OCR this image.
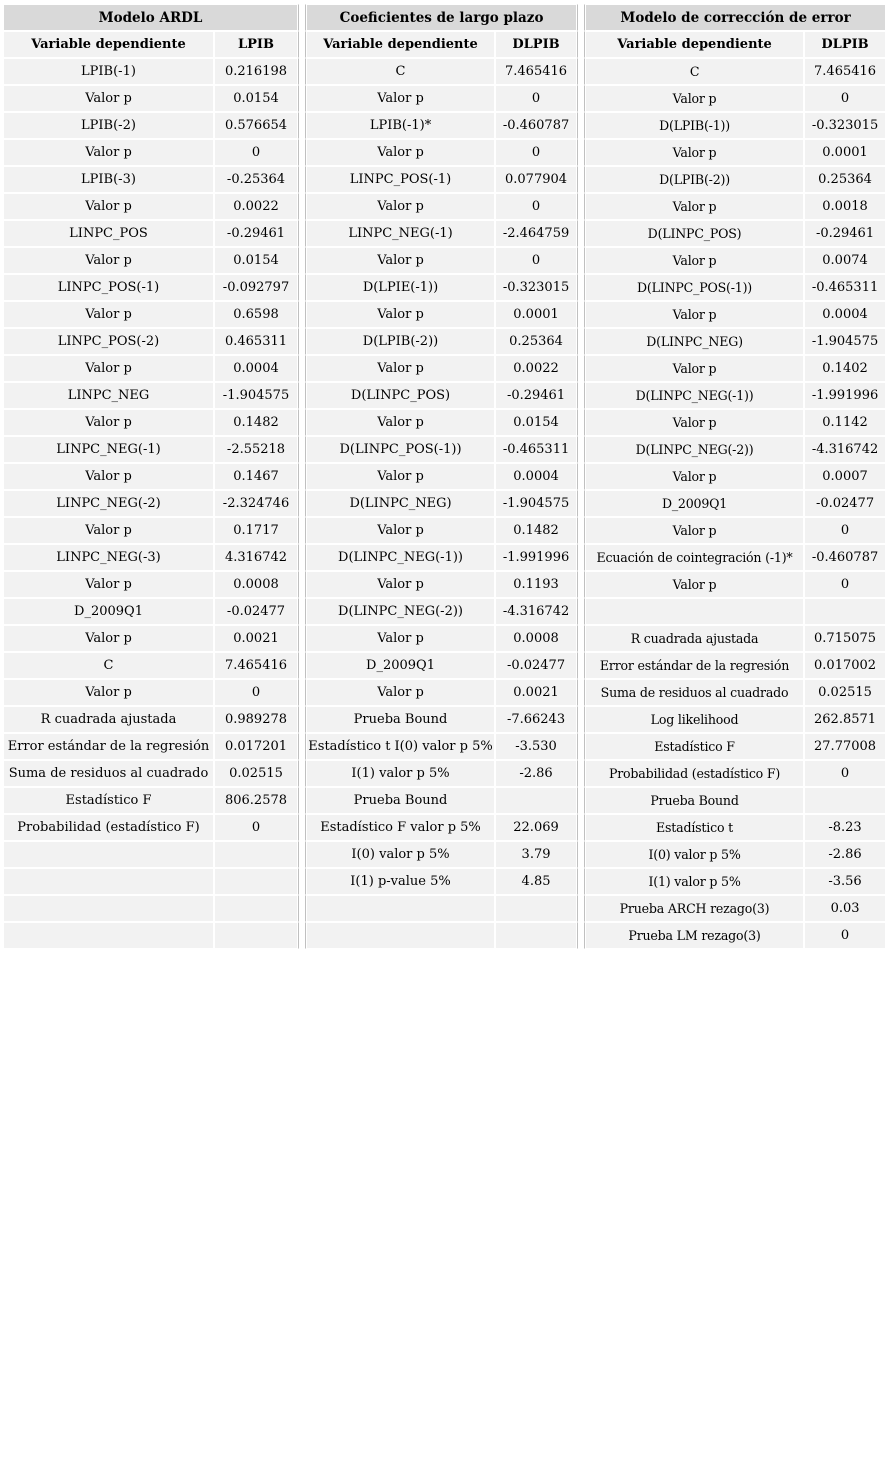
Modelo ARDL			Coeficientes de largo plazo			Modelo de corrección de error	
Variable dependiente	LPIB		Variable dependiente	DLPIB		Variable dependiente	DLPIB
LPIB(-1)	0.216198		C	7.465416		C	7.465416
Valor p	0.0154		Valor p	0		Valor p	0
LPIB(-2)	0.576654		LPIB(-1)*	-0.460787		D(LPIB(-1))	-0.323015
Valor p	0		Valor p	0		Valor p	0.0001
LPIB(-3)	-0.25364		LINPC_POS(-1)	0.077904		D(LPIB(-2))	0.25364
Valor p	0.0022		Valor p	0		Valor p	0.0018
LINPC_POS	-0.29461		LINPC_NEG(-1)	-2.464759		D(LINPC_POS)	-0.29461
Valor p	0.0154		Valor p	0		Valor p	0.0074
LINPC_POS(-1)	-0.092797		D(LPIE(-1))	-0.323015		D(LINPC_POS(-1))	-0.465311
Valor p	0.6598		Valor p	0.0001		Valor p	0.0004
LINPC_POS(-2)	0.465311		D(LPIB(-2))	0.25364		D(LINPC_NEG)	-1.904575
Valor p	0.0004		Valor p	0.0022		Valor p	0.1402
LINPC_NEG	-1.904575		D(LINPC_POS)	-0.29461		D(LINPC_NEG(-1))	-1.991996
Valor p	0.1482		Valor p	0.0154		Valor p	0.1142
LINPC_NEG(-1)	-2.55218		D(LINPC_POS(-1))	-0.465311		D(LINPC_NEG(-2))	-4.316742
Valor p	0.1467		Valor p	0.0004		Valor p	0.0007
LINPC_NEG(-2)	-2.324746		D(LINPC_NEG)	-1.904575		D_2009Q1	-0.02477
Valor p	0.1717		Valor p	0.1482		Valor p	0
LINPC_NEG(-3)	4.316742		D(LINPC_NEG(-1))	-1.991996		Ecuación de cointegración (-1)*	-0.460787
Valor p	0.0008		Valor p	0.1193		Valor p	0
D_2009Q1	-0.02477		D(LINPC_NEG(-2))	-4.316742			
Valor p	0.0021		Valor p	0.0008		R cuadrada ajustada	0.715075
C	7.465416		D_2009Q1	-0.02477		Error estándar de la regresión	0.017002
Valor p	0		Valor p	0.0021		Suma de residuos al cuadrado	0.02515
R cuadrada ajustada	0.989278		Prueba Bound	-7.66243		Log likelihood	262.8571
Error estándar de la regresión	0.017201		Estadístico t I(0) valor p 5%	-3.530		Estadístico F	27.77008
Suma de residuos al cuadrado	0.02515		I(1) valor p 5%	-2.86		Probabilidad (estadístico F)	0
Estadístico F	806.2578		Prueba Bound			Prueba Bound	
Probabilidad (estadístico F)	0		Estadístico F valor p 5%	22.069		Estadístico t	-8.23
			I(0) valor p 5%	3.79		I(0) valor p 5%	-2.86
			I(1) p-value 5%	4.85		I(1) valor p 5%	-3.56
						Prueba ARCH rezago(3)	0.03
						Prueba LM rezago(3)	0
